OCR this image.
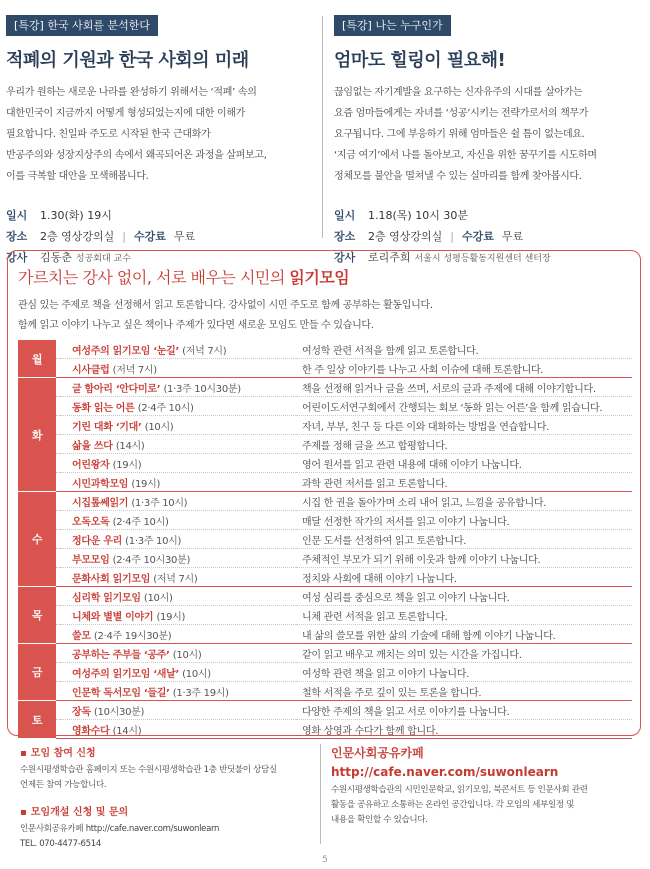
[특강] 한국 사회를 분석한다
적폐의 기원과 한국 사회의 미래
우리가 원하는 새로운 나라를 완성하기 위해서는 ‘적폐’ 속의
대한민국이 지금까지 어떻게 형성되었는지에 대한 이해가
필요합니다. 친일파 주도로 시작된 한국 근대화가
반공주의와 성장지상주의 속에서 왜곡되어온 과정을 살펴보고,
이를 극복할 대안을 모색해봅니다.
일시 1.30(화) 19시
장소 2층 영상강의실 | 수강료 무료
강사 김동춘 성공회대 교수
[특강] 나는 누구인가
엄마도 힐링이 필요해!
끊임없는 자기계발을 요구하는 신자유주의 시대를 살아가는
요즘 엄마들에게는 자녀를 ‘성공’시키는 전략가로서의 책무가
요구됩니다. 그에 부응하기 위해 엄마들은 쉴 틈이 없는데요.
‘지금 여기’에서 나를 돌아보고, 자신을 위한 꿈꾸기를 시도하며
정체모를 불안을 떨쳐낼 수 있는 실마리를 함께 찾아봅시다.
일시 1.18(목) 10시 30분
장소 2층 영상강의실 | 수강료 무료
강사 로리주희 서울시 성평등활동지원센터 센터장
가르치는 강사 없이, 서로 배우는 시민의 읽기모임
관심 있는 주제로 책을 선정해서 읽고 토론합니다. 강사없이 시민 주도로 함께 공부하는 활동입니다.
함께 읽고 이야기 나누고 싶은 책이나 주제가 있다면 새로운 모임도 만들 수 있습니다.
월		여성주의 읽기모임 ‘눈길’ (저녁 7시)	여성학 관련 서적을 함께 읽고 토론합니다.
		시사클럽 (저녁 7시)	한 주 일상 이야기를 나누고 사회 이슈에 대해 토론합니다.
화		글 함아리 ‘안다미로’ (1·3주 10시30분)	책을 선정해 읽거나 글을 쓰며, 서로의 글과 주제에 대해 이야기합니다.
		동화 읽는 어른 (2·4주 10시)	어린이도서연구회에서 간행되는 회보 ‘동화 읽는 어른’을 함께 읽습니다.
		기린 대화 ‘기대’ (10시)	자녀, 부부, 친구 등 다른 이와 대화하는 방법을 연습합니다.
		삶을 쓰다 (14시)	주제를 정해 글을 쓰고 합평합니다.
		어린왕자 (19시)	영어 원서를 읽고 관련 내용에 대해 이야기 나눕니다.
		시민과학모임 (19시)	과학 관련 저서를 읽고 토론합니다.
수		시집톺쎄읽기 (1·3주 10시)	시집 한 권을 돌아가며 소리 내어 읽고, 느낌을 공유합니다.
		오독오독 (2·4주 10시)	매달 선정한 작가의 저서를 읽고 이야기 나눕니다.
		정다운 우리 (1·3주 10시)	인문 도서를 선정하여 읽고 토론합니다.
		부모모임 (2·4주 10시30분)	주체적인 부모가 되기 위해 이웃과 함께 이야기 나눕니다.
		문화사회 읽기모임 (저녁 7시)	정치와 사회에 대해 이야기 나눕니다.
목		심리학 읽기모임 (10시)	여성 심리를 중심으로 책을 읽고 이야기 나눕니다.
		니체와 별별 이야기 (19시)	니체 관련 서적을 읽고 토론합니다.
		쓸모 (2·4주 19시30분)	내 삶의 쓸모를 위한 삶의 기술에 대해 함께 이야기 나눕니다.
금		공부하는 주부들 ‘공주’ (10시)	같이 읽고 배우고 깨치는 의미 있는 시간을 가집니다.
		여성주의 읽기모임 ‘새날’ (10시)	여성학 관련 책을 읽고 이야기 나눕니다.
		인문학 독서모임 ‘들길’ (1·3주 19시)	철학 서적을 주로 깊이 있는 토론을 합니다.
토		장독 (10시30분)	다양한 주제의 책을 읽고 서로 이야기를 나눕니다.
		영화수다 (14시)	영화 상영과 수다가 함께 합니다.
▪ 모임 참여 신청
수원시평생학습관 홈페이지 또는 수원시평생학습관 1층 반딧불이 상담실
언제든 참여 가능합니다.
▪ 모임개설 신청 및 문의
인문사회공유카페 http://cafe.naver.com/suwonlearn
TEL. 070-4477-6514
인문사회공유카페
http://cafe.naver.com/suwonlearn
수원시평생학습관의 시민인문학교, 읽기모임, 북콘서트 등 인문사회 관련
활동을 공유하고 소통하는 온라인 공간입니다. 각 모임의 세부일정 및
내용을 확인할 수 있습니다.
5
